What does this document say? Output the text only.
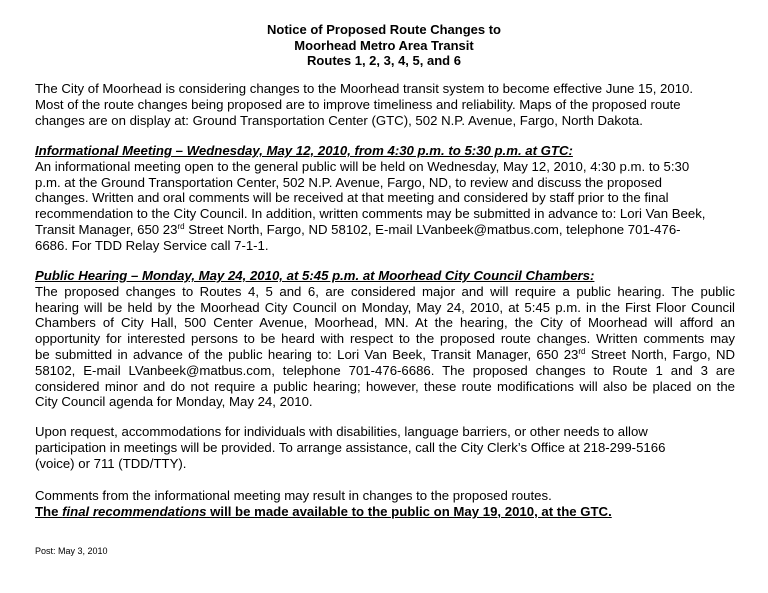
Notice of Proposed Route Changes to
Moorhead Metro Area Transit
Routes 1, 2, 3, 4, 5, and 6
The City of Moorhead is considering changes to the Moorhead transit system to become effective June 15, 2010.
Most of the route changes being proposed are to improve timeliness and reliability. Maps of the proposed route
changes are on display at: Ground Transportation Center (GTC), 502 N.P. Avenue, Fargo, North Dakota.
Informational Meeting – Wednesday, May 12, 2010, from 4:30 p.m. to 5:30 p.m. at GTC:
An informational meeting open to the general public will be held on Wednesday, May 12, 2010, 4:30 p.m. to 5:30
p.m. at the Ground Transportation Center, 502 N.P. Avenue, Fargo, ND, to review and discuss the proposed
changes. Written and oral comments will be received at that meeting and considered by staff prior to the final
recommendation to the City Council. In addition, written comments may be submitted in advance to: Lori Van Beek,
Transit Manager, 650 23rd Street North, Fargo, ND 58102, E-mail LVanbeek@matbus.com, telephone 701-476-
6686. For TDD Relay Service call 7-1-1.
Public Hearing – Monday, May 24, 2010, at 5:45 p.m. at Moorhead City Council Chambers:
The proposed changes to Routes 4, 5 and 6, are considered major and will require a public hearing. The public
hearing will be held by the Moorhead City Council on Monday, May 24, 2010, at 5:45 p.m. in the First Floor Council
Chambers of City Hall, 500 Center Avenue, Moorhead, MN. At the hearing, the City of Moorhead will afford an
opportunity for interested persons to be heard with respect to the proposed route changes. Written comments may
be submitted in advance of the public hearing to: Lori Van Beek, Transit Manager, 650 23rd Street North, Fargo, ND
58102, E-mail LVanbeek@matbus.com, telephone 701-476-6686. The proposed changes to Route 1 and 3 are
considered minor and do not require a public hearing; however, these route modifications will also be placed on the
City Council agenda for Monday, May 24, 2010.
Upon request, accommodations for individuals with disabilities, language barriers, or other needs to allow
participation in meetings will be provided. To arrange assistance, call the City Clerk’s Office at 218-299-5166
(voice) or 711 (TDD/TTY).
Comments from the informational meeting may result in changes to the proposed routes.
The final recommendations will be made available to the public on May 19, 2010, at the GTC.
Post: May 3, 2010
